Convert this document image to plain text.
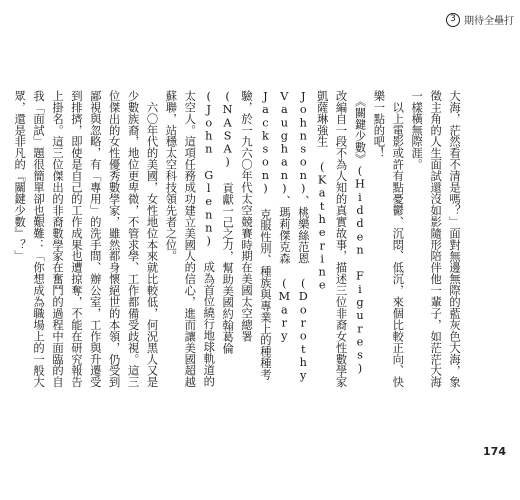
3 期待全壘打

大海，茫然看不清是嗎？」面對無邊無際的藍灰色大海，象徵主角的人生面試還沒如影隨形陪伴他一輩子，如茫茫大海一樣橫無際涯。

　以上電影或許有點憂鬱、沉悶、低沉，來個比較正向、快樂一點的吧！

　《關鍵少數》(Hidden Figures) 改編自一段不為人知的真實故事，描述三位非裔女性數學家凱薩琳強生 (Katherine Johnson)、桃樂絲范恩 (Dorothy Vaughan)、瑪莉傑克森 (Mary Jackson) 克服性別、種族與專業上的種種考驗，於一九六〇年代太空競賽時期在美國太空總署 (NASA) 貢獻一己之力，幫助美國約翰葛倫 (John Glenn) 成為首位繞行地球軌道的太空人。這項任務成功建立美國人的信心，進而讓美國超越蘇聯，站穩太空科技領先者之位。

　六〇年代的美國，女性地位本來就比較低，何況黑人又是少數族裔，地位更卑微，不管求學、工作都備受歧視。這三位傑出的女性優秀數學家，雖然都身懷絕世的本領，仍受到鄙視與忽略，有「專用」的洗手間、辦公室，工作與升遷受到排擠，即使是自己的工作成果也遭掠奪，不能在研究報告上掛名。這三位傑出的非裔數學家在奮鬥的過程中面臨的自我「面試」題很簡單卻也艱難：「你想成為職場上的一般大眾，還是非凡的『關鍵少數』？」

174
